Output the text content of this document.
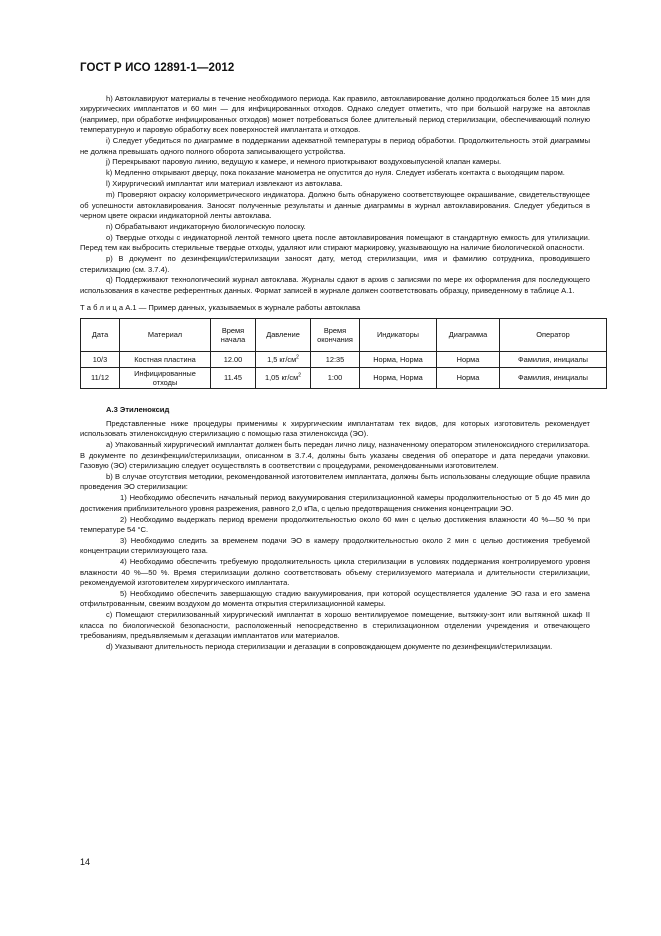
ГОСТ Р ИСО 12891-1—2012

h) Автоклавируют материалы в течение необходимого периода. Как правило, автоклавирование должно продолжаться более 15 мин для хирургических имплантатов и 60 мин — для инфицированных отходов. Однако следует отметить, что при большой нагрузке на автоклав (например, при обработке инфицированных отходов) может потребоваться более длительный период стерилизации, обеспечивающий полную температурную и паровую обработку всех поверхностей имплантата и отходов.

i) Следует убедиться по диаграмме в поддержании адекватной температуры в период обработки. Продолжительность этой диаграммы не должна превышать одного полного оборота записывающего устройства.

j) Перекрывают паровую линию, ведущую к камере, и немного приоткрывают воздуховыпускной клапан камеры.

k) Медленно открывают дверцу, пока показание манометра не опустится до нуля. Следует избегать контакта с выходящим паром.

l) Хирургический имплантат или материал извлекают из автоклава.

m) Проверяют окраску колориметрического индикатора. Должно быть обнаружено соответствующее окрашивание, свидетельствующее об успешности автоклавирования. Заносят полученные результаты и данные диаграммы в журнал автоклавирования. Следует убедиться в черном цвете окраски индикаторной ленты автоклава.

n) Обрабатывают индикаторную биологическую полоску.

o) Твердые отходы с индикаторной лентой темного цвета после автоклавирования помещают в стандартную емкость для утилизации. Перед тем как выбросить стерильные твердые отходы, удаляют или стирают маркировку, указывающую на наличие биологической опасности.

p) В документ по дезинфекции/стерилизации заносят дату, метод стерилизации, имя и фамилию сотрудника, проводившего стерилизацию (см. 3.7.4).

q) Поддерживают технологический журнал автоклава. Журналы сдают в архив с записями по мере их оформления для последующего использования в качестве референтных данных. Формат записей в журнале должен соответствовать образцу, приведенному в таблице А.1.

Т а б л и ц а А.1 — Пример данных, указываемых в журнале работы автоклава
Дата	Материал	Время начала	Давление	Время окончания	Индикаторы	Диаграмма	Оператор
10/3	Костная пластина	12.00	1,5 $кг/см^2$	12:35	Норма, Норма	Норма	Фамилия, инициалы
11/12	Инфицированные отходы	11.45	1,05 $кг/см^2$	1:00	Норма, Норма	Норма	Фамилия, инициалы
А.3 Этиленоксид

Представленные ниже процедуры применимы к хирургическим имплантатам тех видов, для которых изготовитель рекомендует использовать этиленоксидную стерилизацию с помощью газа этиленоксида (ЭО).

а) Упакованный хирургический имплантат должен быть передан лично лицу, назначенному оператором этиленоксидного стерилизатора. В документе по дезинфекции/стерилизации, описанном в 3.7.4, должны быть указаны сведения об операторе и дата передачи упаковки. Газовую (ЭО) стерилизацию следует осуществлять в соответствии с процедурами, рекомендованными изготовителем.

b) В случае отсутствия методики, рекомендованной изготовителем имплантата, должны быть использованы следующие общие правила проведения ЭО стерилизации:

1) Необходимо обеспечить начальный период вакуумирования стерилизационной камеры продолжительностью от 5 до 45 мин до достижения приблизительного уровня разрежения, равного 2,0 кПа, с целью предотвращения снижения концентрации ЭО.

2) Необходимо выдержать период времени продолжительностью около 60 мин с целью достижения влажности 40 %—50 % при температуре 54 °C.

3) Необходимо следить за временем подачи ЭО в камеру продолжительностью около 2 мин с целью достижения требуемой концентрации стерилизующего газа.

4) Необходимо обеспечить требуемую продолжительность цикла стерилизации в условиях поддержания контролируемого уровня влажности 40 %—50 %. Время стерилизации должно соответствовать объему стерилизуемого материала и длительности стерилизации, рекомендуемой изготовителем хирургического имплантата.

5) Необходимо обеспечить завершающую стадию вакуумирования, при которой осуществляется удаление ЭО газа и его замена отфильтрованным, свежим воздухом до момента открытия стерилизационной камеры.

c) Помещают стерилизованный хирургический имплантат в хорошо вентилируемое помещение, вытяжку-зонт или вытяжной шкаф II класса по биологической безопасности, расположенный непосредственно в стерилизационном отделении учреждения и отвечающего требованиям, предъявляемым к дегазации имплантатов или материалов.

d) Указывают длительность периода стерилизации и дегазации в сопровождающем документе по дезинфекции/стерилизации.

14
